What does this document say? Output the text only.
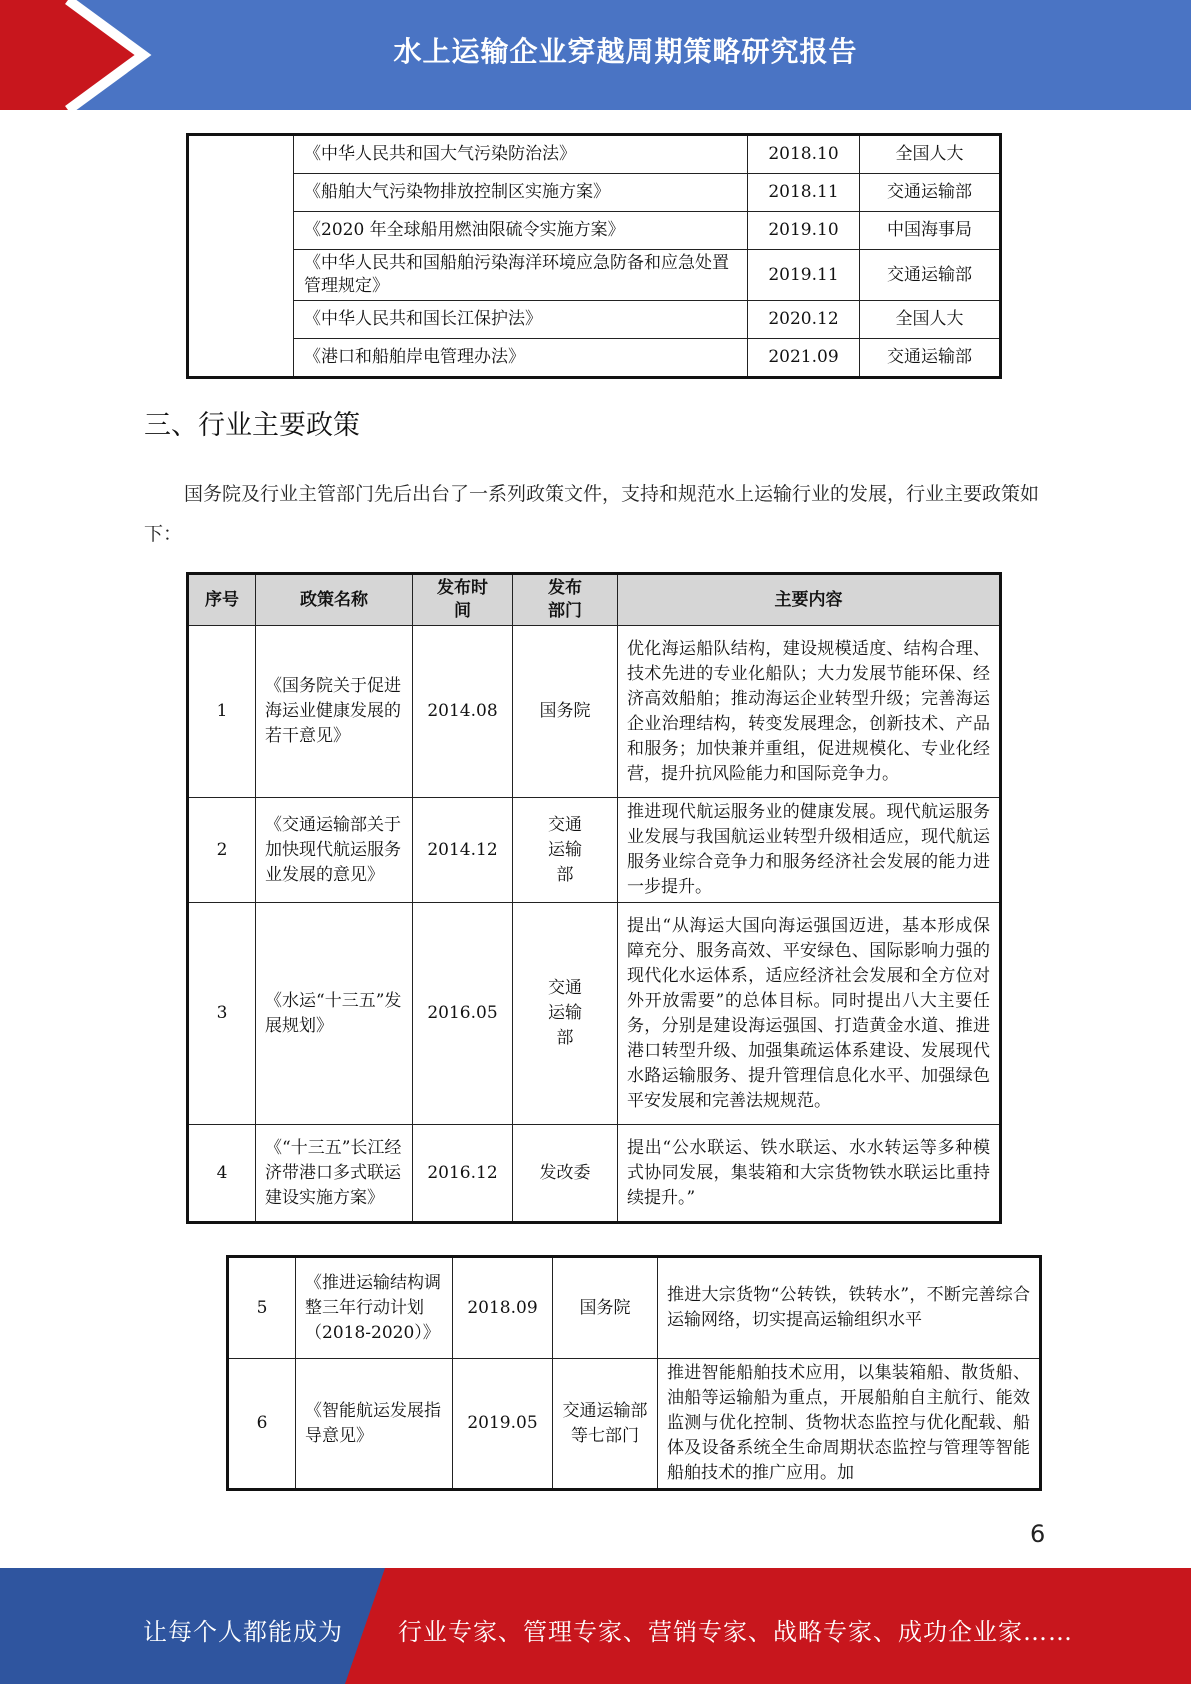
水上运输企业穿越周期策略研究报告
	《中华人民共和国大气污染防治法》	2018.10	全国人大
	《船舶大气污染物排放控制区实施方案》	2018.11	交通运输部
	《2020 年全球船用燃油限硫令实施方案》	2019.10	中国海事局
	《中华人民共和国船舶污染海洋环境应急防备和应急处置管理规定》	2019.11	交通运输部
	《中华人民共和国长江保护法》	2020.12	全国人大
	《港口和船舶岸电管理办法》	2021.09	交通运输部
三、行业主要政策
国务院及行业主管部门先后出台了一系列政策文件，支持和规范水上运输行业的发展，行业主要政策如下：
序号	政策名称	发布时间	发布部门	主要内容
1	《国务院关于促进海运业健康发展的若干意见》	2014.08	国务院	优化海运船队结构，建设规模适度、结构合理、技术先进的专业化船队；大力发展节能环保、经济高效船舶；推动海运企业转型升级；完善海运企业治理结构，转变发展理念，创新技术、产品和服务；加快兼并重组，促进规模化、专业化经营，提升抗风险能力和国际竞争力。
2	《交通运输部关于加快现代航运服务业发展的意见》	2014.12	交通运输部	推进现代航运服务业的健康发展。现代航运服务业发展与我国航运业转型升级相适应，现代航运服务业综合竞争力和服务经济社会发展的能力进一步提升。
3	《水运“十三五”发展规划》	2016.05	交通运输部	提出“从海运大国向海运强国迈进，基本形成保障充分、服务高效、平安绿色、国际影响力强的现代化水运体系，适应经济社会发展和全方位对外开放需要”的总体目标。同时提出八大主要任务，分别是建设海运强国、打造黄金水道、推进港口转型升级、加强集疏运体系建设、发展现代水路运输服务、提升管理信息化水平、加强绿色平安发展和完善法规规范。
4	《“十三五”长江经济带港口多式联运建设实施方案》	2016.12	发改委	提出“公水联运、铁水联运、水水转运等多种模式协同发展，集装箱和大宗货物铁水联运比重持续提升。”
5	《推进运输结构调整三年行动计划（2018-2020）》	2018.09	国务院	推进大宗货物“公转铁，铁转水”，不断完善综合运输网络，切实提高运输组织水平
6	《智能航运发展指导意见》	2019.05	交通运输部等七部门	推进智能船舶技术应用，以集装箱船、散货船、油船等运输船为重点，开展船舶自主航行、能效监测与优化控制、货物状态监控与优化配载、船体及设备系统全生命周期状态监控与管理等智能船舶技术的推广应用。加
6
让每个人都能成为 行业专家、管理专家、营销专家、战略专家、成功企业家……
